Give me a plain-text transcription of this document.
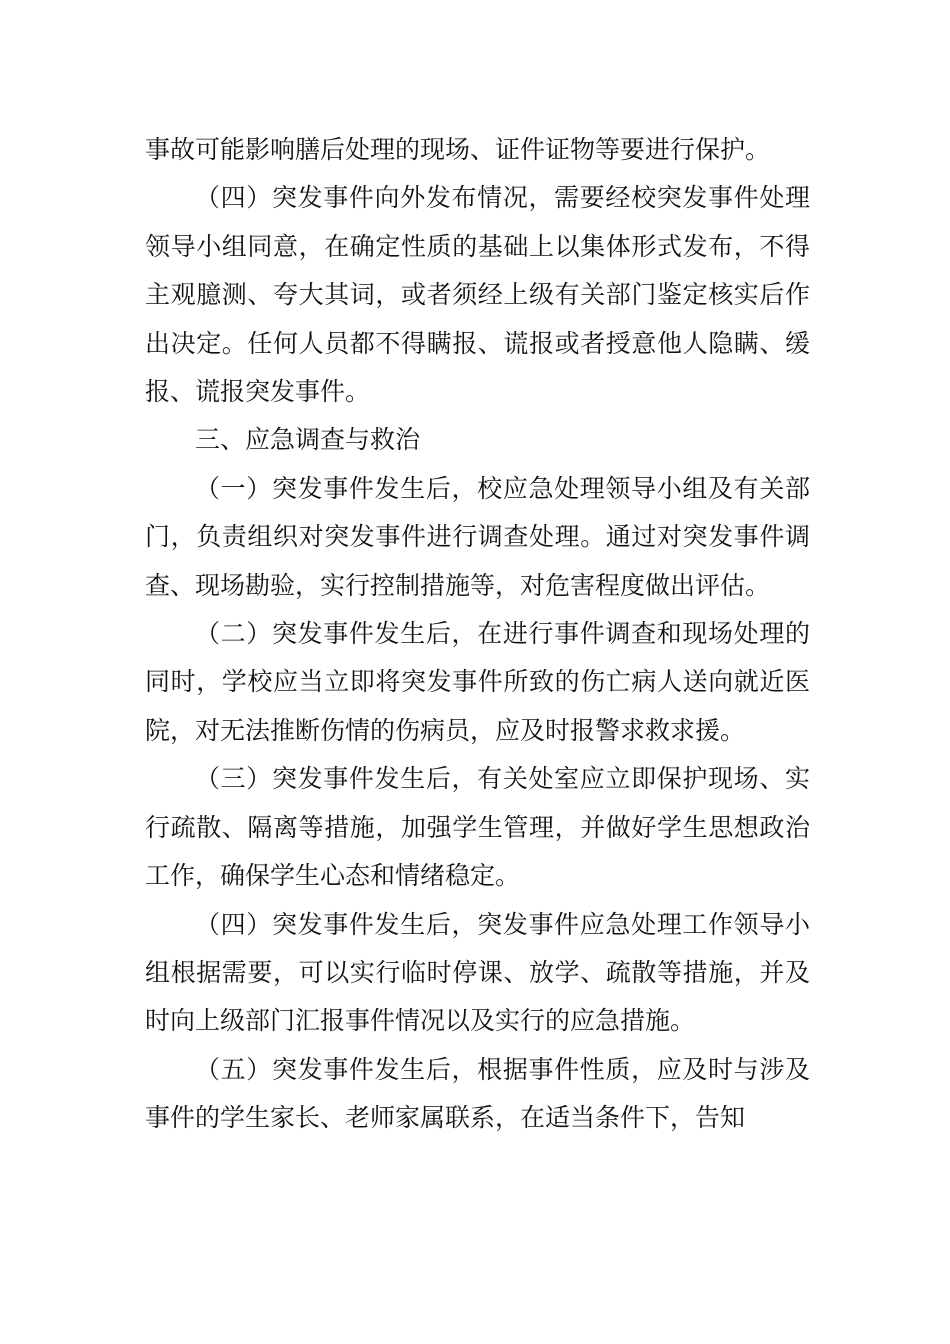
事故可能影响膳后处理的现场、证件证物等要进行保护。

（四）突发事件向外发布情况，需要经校突发事件处理领导小组同意，在确定性质的基础上以集体形式发布，不得主观臆测、夸大其词，或者须经上级有关部门鉴定核实后作出决定。任何人员都不得瞒报、谎报或者授意他人隐瞒、缓报、谎报突发事件。

三、应急调查与救治

（一）突发事件发生后，校应急处理领导小组及有关部门，负责组织对突发事件进行调查处理。通过对突发事件调查、现场勘验，实行控制措施等，对危害程度做出评估。

（二）突发事件发生后，在进行事件调查和现场处理的同时，学校应当立即将突发事件所致的伤亡病人送向就近医院，对无法推断伤情的伤病员，应及时报警求救求援。

（三）突发事件发生后，有关处室应立即保护现场、实行疏散、隔离等措施，加强学生管理，并做好学生思想政治工作，确保学生心态和情绪稳定。

（四）突发事件发生后，突发事件应急处理工作领导小组根据需要，可以实行临时停课、放学、疏散等措施，并及时向上级部门汇报事件情况以及实行的应急措施。

（五）突发事件发生后，根据事件性质，应及时与涉及事件的学生家长、老师家属联系，在适当条件下，告知
